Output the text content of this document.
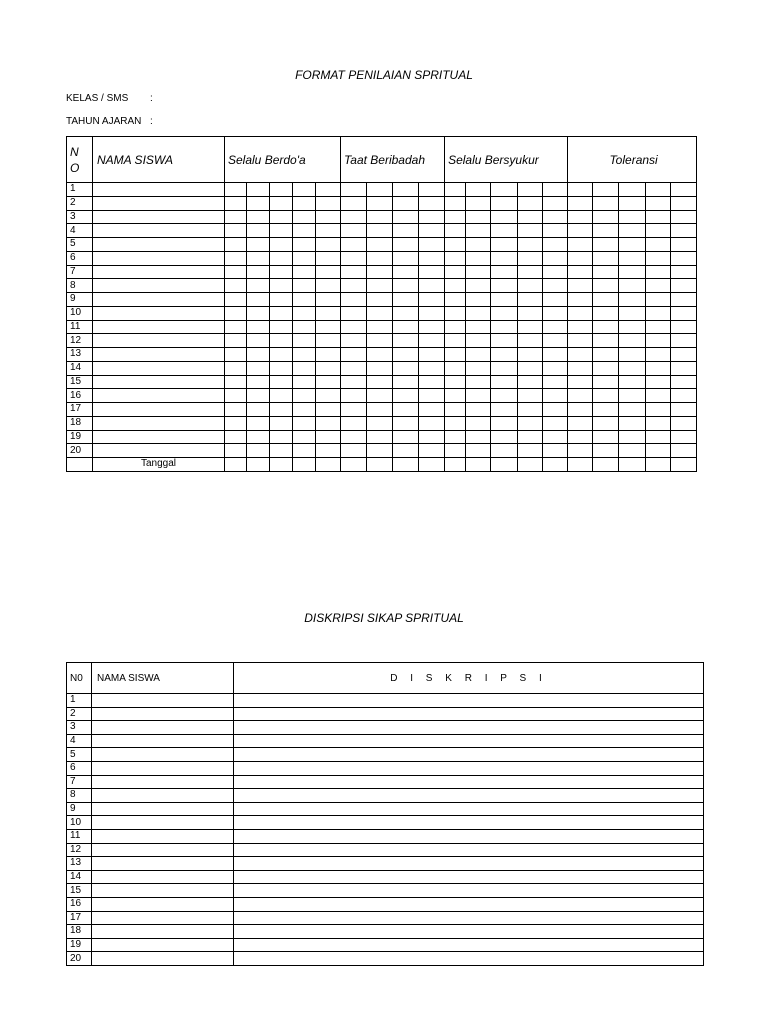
FORMAT PENILAIAN SPRITUAL
KELAS / SMS :
TAHUN AJARAN :
N
O	NAMA SISWA	Selalu Berdo'a					Taat Beribadah				Selalu Bersyukur					Toleransi				
1																				
2																				
3																				
4																				
5																				
6																				
7																				
8																				
9																				
10																				
11																				
12																				
13																				
14																				
15																				
16																				
17																				
18																				
19																				
20																				
	Tanggal																			
DISKRIPSI SIKAP SPRITUAL
N0	NAMA SISWA	D I S K R I P S I
1		
2		
3		
4		
5		
6		
7		
8		
9		
10		
11		
12		
13		
14		
15		
16		
17		
18		
19		
20		
